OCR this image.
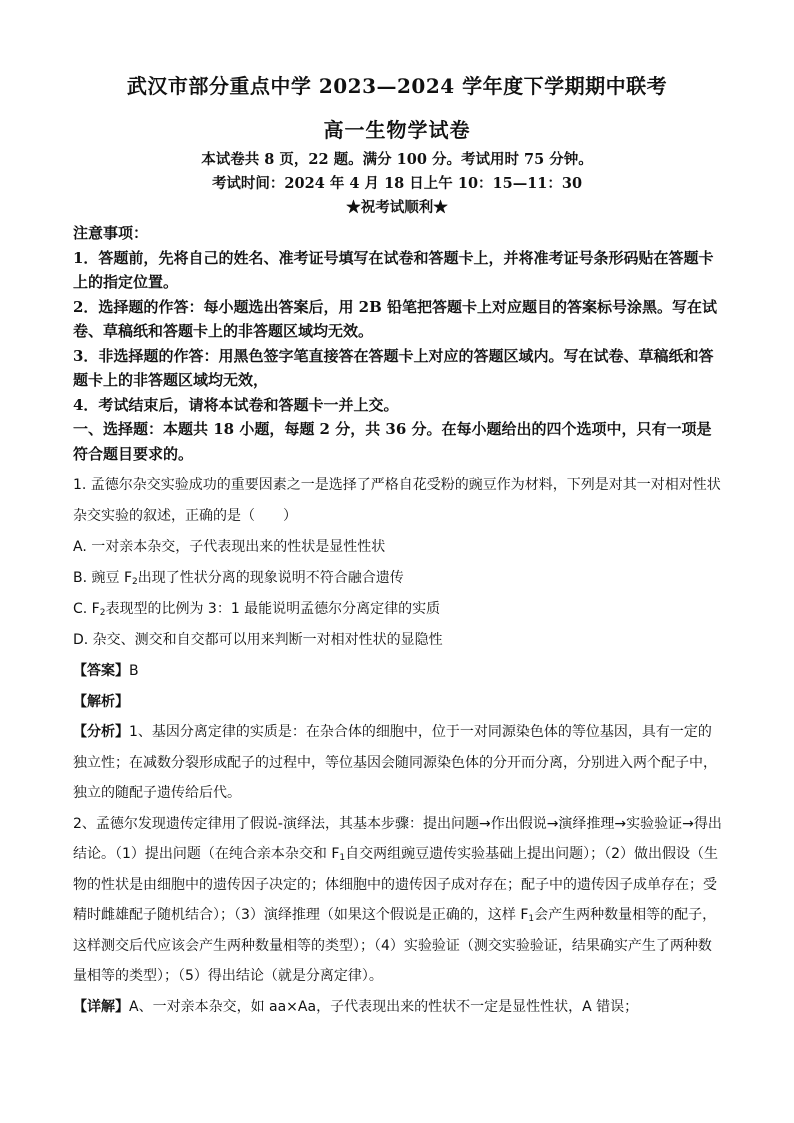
武汉市部分重点中学 2023—2024 学年度下学期期中联考
高一生物学试卷
本试卷共 8 页，22 题。满分 100 分。考试用时 75 分钟。
考试时间：2024 年 4 月 18 日上午 10：15—11：30
★祝考试顺利★

注意事项：

1．答题前，先将自己的姓名、准考证号填写在试卷和答题卡上，并将准考证号条形码贴在答题卡上的指定位置。

2．选择题的作答：每小题选出答案后，用 2B 铅笔把答题卡上对应题目的答案标号涂黑。写在试卷、草稿纸和答题卡上的非答题区域均无效。

3．非选择题的作答：用黑色签字笔直接答在答题卡上对应的答题区域内。写在试卷、草稿纸和答题卡上的非答题区域均无效，

4．考试结束后，请将本试卷和答题卡一并上交。

一、选择题：本题共 18 小题，每题 2 分，共 36 分。在每小题给出的四个选项中，只有一项是符合题目要求的。

1. 孟德尔杂交实验成功的重要因素之一是选择了严格自花受粉的豌豆作为材料，下列是对其一对相对性状杂交实验的叙述，正确的是（　　）

A. 一对亲本杂交，子代表现出来的性状是显性性状

B. 豌豆 $F_2$出现了性状分离的现象说明不符合融合遗传

C. $F_2$表现型的比例为 3：1 最能说明孟德尔分离定律的实质

D. 杂交、测交和自交都可以用来判断一对相对性状的显隐性

【答案】B

【解析】

【分析】1、基因分离定律的实质是：在杂合体的细胞中，位于一对同源染色体的等位基因，具有一定的独立性；在减数分裂形成配子的过程中，等位基因会随同源染色体的分开而分离，分别进入两个配子中，独立的随配子遗传给后代。

2、孟德尔发现遗传定律用了假说-演绎法，其基本步骤：提出问题→作出假说→演绎推理→实验验证→得出结论。（1）提出问题（在纯合亲本杂交和 $F_1$自交两组豌豆遗传实验基础上提出问题）；（2）做出假设（生物的性状是由细胞中的遗传因子决定的；体细胞中的遗传因子成对存在；配子中的遗传因子成单存在；受精时雌雄配子随机结合）；（3）演绎推理（如果这个假说是正确的，这样 $F_1$会产生两种数量相等的配子，这样测交后代应该会产生两种数量相等的类型）；（4）实验验证（测交实验验证，结果确实产生了两种数量相等的类型）；（5）得出结论（就是分离定律）。

【详解】A、一对亲本杂交，如 aa×Aa，子代表现出来的性状不一定是显性性状，A 错误；
